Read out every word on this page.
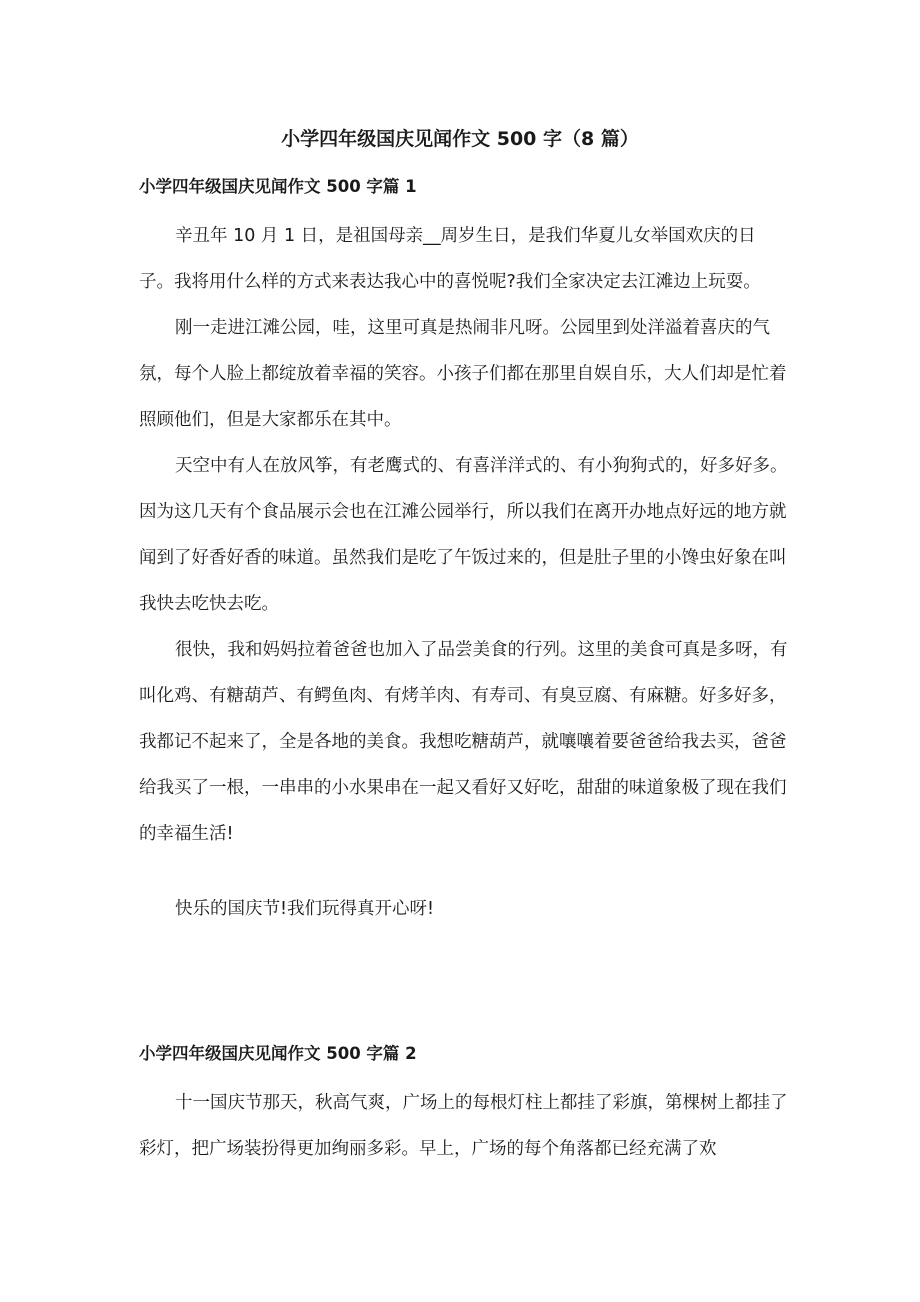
小学四年级国庆见闻作文 500 字（8 篇）
小学四年级国庆见闻作文 500 字篇 1

辛丑年 10 月 1 日，是祖国母亲__周岁生日，是我们华夏儿女举国欢庆的日子。我将用什么样的方式来表达我心中的喜悦呢?我们全家决定去江滩边上玩耍。

刚一走进江滩公园，哇，这里可真是热闹非凡呀。公园里到处洋溢着喜庆的气氛，每个人脸上都绽放着幸福的笑容。小孩子们都在那里自娱自乐，大人们却是忙着照顾他们，但是大家都乐在其中。

天空中有人在放风筝，有老鹰式的、有喜洋洋式的、有小狗狗式的，好多好多。因为这几天有个食品展示会也在江滩公园举行，所以我们在离开办地点好远的地方就闻到了好香好香的味道。虽然我们是吃了午饭过来的，但是肚子里的小馋虫好象在叫我快去吃快去吃。

很快，我和妈妈拉着爸爸也加入了品尝美食的行列。这里的美食可真是多呀，有叫化鸡、有糖葫芦、有鳄鱼肉、有烤羊肉、有寿司、有臭豆腐、有麻糖。好多好多，我都记不起来了，全是各地的美食。我想吃糖葫芦，就嚷嚷着要爸爸给我去买，爸爸给我买了一根，一串串的小水果串在一起又看好又好吃，甜甜的味道象极了现在我们的幸福生活!

快乐的国庆节!我们玩得真开心呀!

小学四年级国庆见闻作文 500 字篇 2

十一国庆节那天，秋高气爽，广场上的每根灯柱上都挂了彩旗，第棵树上都挂了彩灯，把广场装扮得更加绚丽多彩。早上，广场的每个角落都已经充满了欢
